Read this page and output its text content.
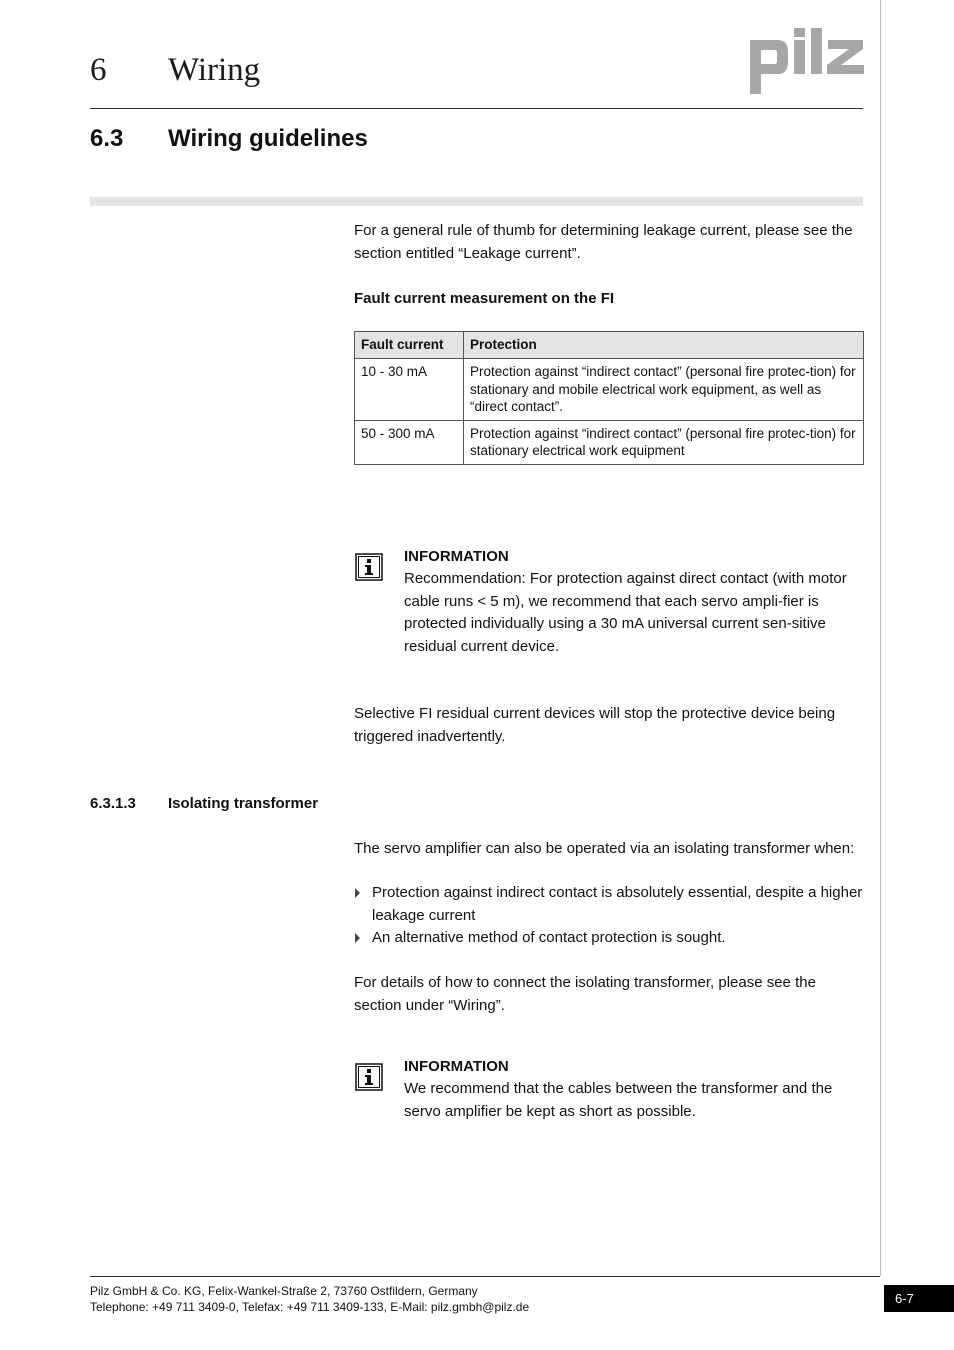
6 Wiring
6.3 Wiring guidelines
For a general rule of thumb for determining leakage current, please see the section entitled “Leakage current”.
Fault current measurement on the FI
Fault current	Protection
10 - 30 mA	Protection against “indirect contact” (personal fire protec-tion) for stationary and mobile electrical work equipment, as well as “direct contact”.
50 - 300 mA	Protection against “indirect contact” (personal fire protec-tion) for stationary electrical work equipment
INFORMATION
Recommendation: For protection against direct contact (with motor cable runs < 5 m), we recommend that each servo ampli-fier is protected individually using a 30 mA universal current sen-sitive residual current device.
Selective FI residual current devices will stop the protective device being triggered inadvertently.
6.3.1.3 Isolating transformer
The servo amplifier can also be operated via an isolating transformer when:
Protection against indirect contact is absolutely essential, despite a higher leakage current
An alternative method of contact protection is sought.
For details of how to connect the isolating transformer, please see the section under “Wiring”.
INFORMATION
We recommend that the cables between the transformer and the servo amplifier be kept as short as possible.
Pilz GmbH & Co. KG, Felix-Wankel-Straße 2, 73760 Ostfildern, Germany
Telephone: +49 711 3409-0, Telefax: +49 711 3409-133, E-Mail: pilz.gmbh@pilz.de
6-7
